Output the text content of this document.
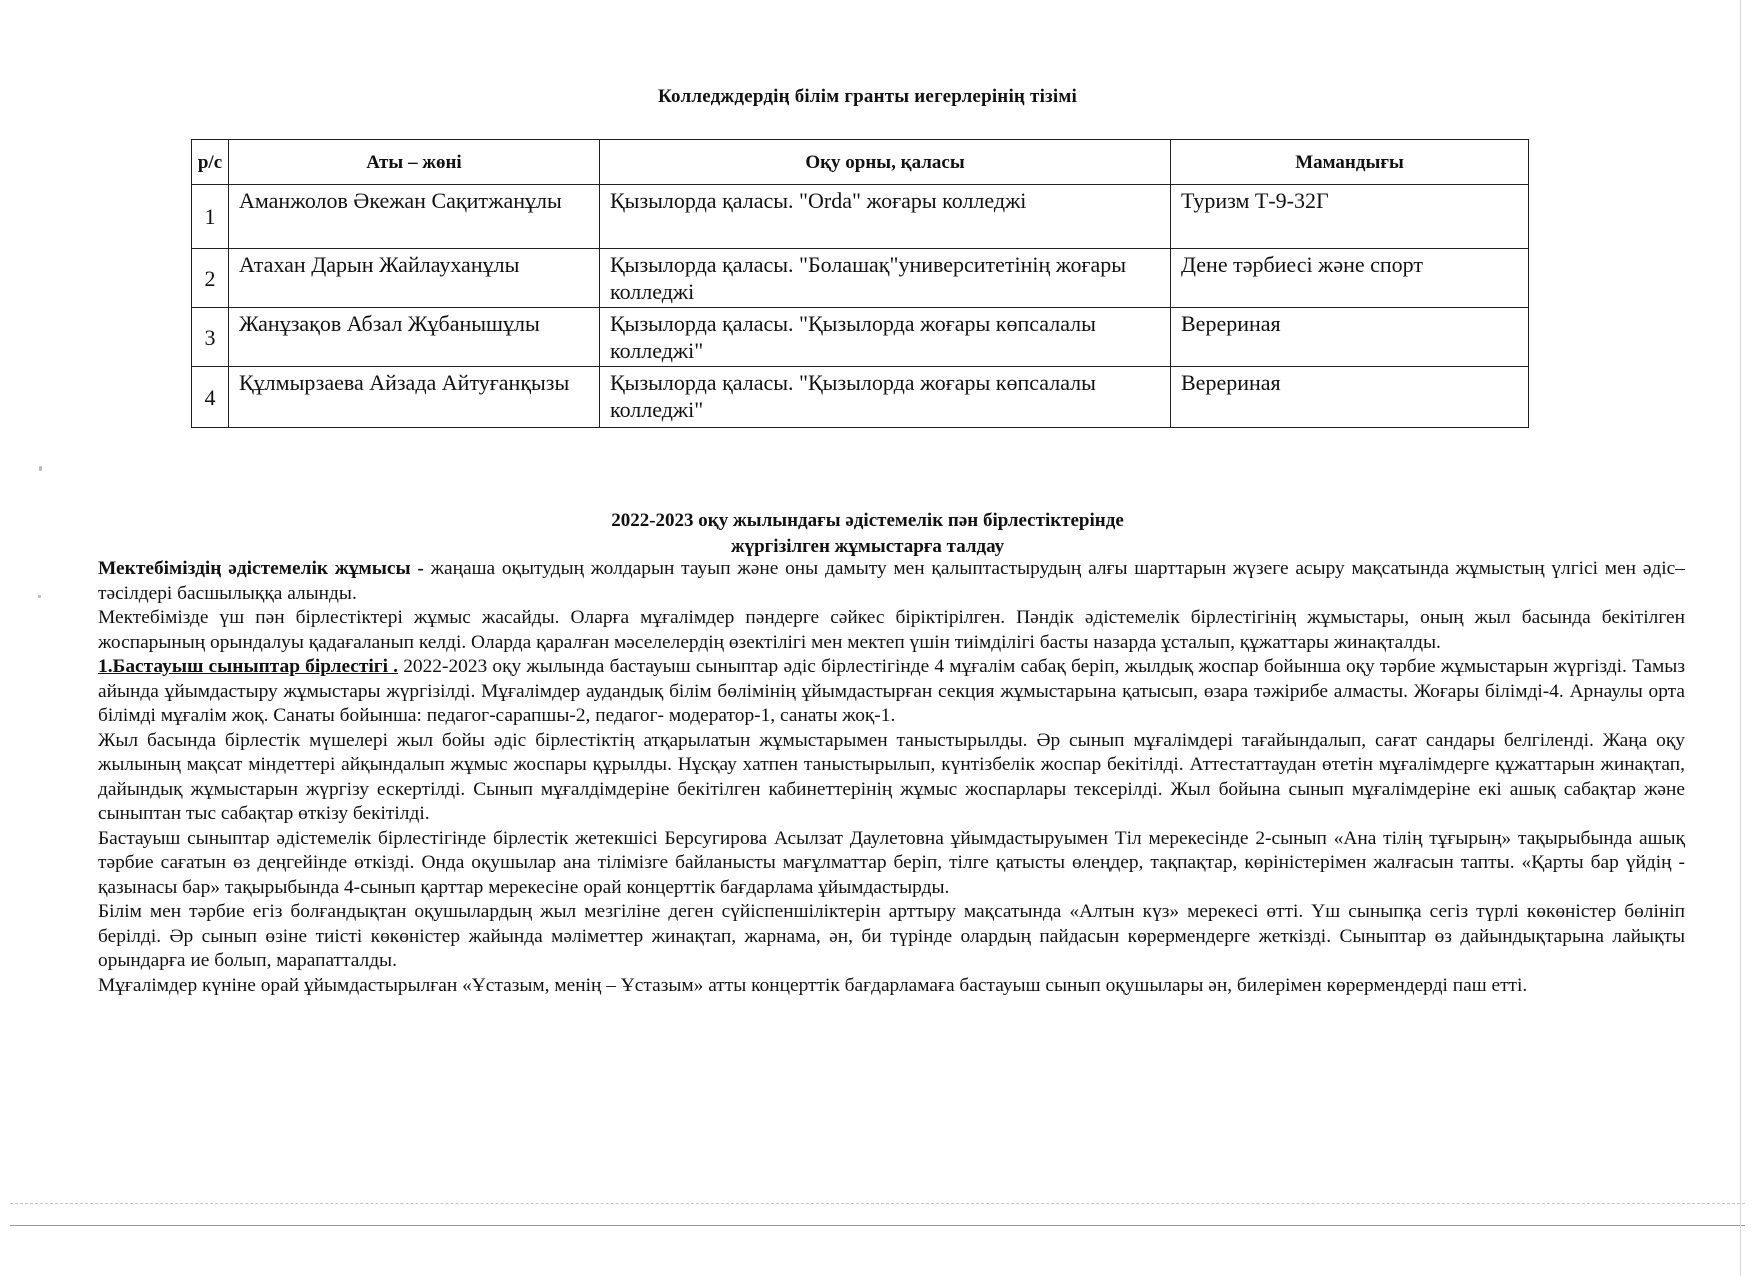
Колледждердің білім гранты иегерлерінің тізімі
р/с	Аты – жөні	Оқу орны, қаласы	Мамандығы
1	Аманжолов Әкежан Сақитжанұлы	Қызылорда қаласы. "Orda" жоғары колледжі	Туризм Т-9-32Г
2	Атахан Дарын Жайлауханұлы	Қызылорда қаласы. "Болашақ"университетінің жоғары колледжі	Дене тәрбиесі және спорт
3	Жанұзақов Абзал Жұбанышұлы	Қызылорда қаласы. "Қызылорда жоғары көпсалалы колледжі"	Верериная
4	Құлмырзаева Айзада Айтуғанқызы	Қызылорда қаласы. "Қызылорда жоғары көпсалалы колледжі"	Верериная
2022-2023 оқу жылындағы әдістемелік пән бірлестіктерінде
жүргізілген жұмыстарға талдау

Мектебіміздің әдістемелік жұмысы - жаңаша оқытудың жолдарын тауып және оны дамыту мен қалыптастырудың алғы шарттарын жүзеге асыру мақсатында жұмыстың үлгісі мен әдіс–тәсілдері басшылыққа алынды.

Мектебімізде үш пән бірлестіктері жұмыс жасайды. Оларға мұғалімдер пәндерге сәйкес біріктірілген. Пәндік әдістемелік бірлестігінің жұмыстары, оның жыл басында бекітілген жоспарының орындалуы қадағаланып келді. Оларда қаралған мәселелердің өзектілігі мен мектеп үшін тиімділігі басты назарда ұсталып, құжаттары жинақталды.

1.Бастауыш сыныптар бірлестігі . 2022-2023 оқу жылында бастауыш сыныптар әдіс бірлестігінде 4 мұғалім сабақ беріп, жылдық жоспар бойынша оқу тәрбие жұмыстарын жүргізді. Тамыз айында ұйымдастыру жұмыстары жүргізілді. Мұғалімдер аудандық білім бөлімінің ұйымдастырған секция жұмыстарына қатысып, өзара тәжірибе алмасты. Жоғары білімді-4. Арнаулы орта білімді мұғалім жоқ. Санаты бойынша: педагог-сарапшы-2, педагог- модератор-1, санаты жоқ-1.

Жыл басында бірлестік мүшелері жыл бойы әдіс бірлестіктің атқарылатын жұмыстарымен таныстырылды. Әр сынып мұғалімдері тағайындалып, сағат сандары белгіленді. Жаңа оқу жылының мақсат міндеттері айқындалып жұмыс жоспары құрылды. Нұсқау хатпен таныстырылып, күнтізбелік жоспар бекітілді. Аттестаттаудан өтетін мұғалімдерге құжаттарын жинақтап, дайындық жұмыстарын жүргізу ескертілді. Сынып мұғалдімдеріне бекітілген кабинеттерінің жұмыс жоспарлары тексерілді. Жыл бойына сынып мұғалімдеріне екі ашық сабақтар және сыныптан тыс сабақтар өткізу бекітілді.

Бастауыш сыныптар әдістемелік бірлестігінде бірлестік жетекшісі Берсугирова Асылзат Даулетовна ұйымдастыруымен Тіл мерекесінде 2-сынып «Ана тілің тұғырың» тақырыбында ашық тәрбие сағатын өз деңгейінде өткізді. Онда оқушылар ана тілімізге байланысты мағұлматтар беріп, тілге қатысты өлеңдер, тақпақтар, көріністерімен жалғасын тапты. «Қарты бар үйдің - қазынасы бар» тақырыбында 4-сынып қарттар мерекесіне орай концерттік бағдарлама ұйымдастырды.

Білім мен тәрбие егіз болғандықтан оқушылардың жыл мезгіліне деген сүйіспеншіліктерін арттыру мақсатында «Алтын күз» мерекесі өтті. Үш сыныпқа сегіз түрлі көкөністер бөлініп берілді. Әр сынып өзіне тиісті көкөністер жайында мәліметтер жинақтап, жарнама, ән, би түрінде олардың пайдасын көрермендерге жеткізді. Сыныптар өз дайындықтарына лайықты орындарға ие болып, марапатталды.

Мұғалімдер күніне орай ұйымдастырылған «Ұстазым, менің – Ұстазым» атты концерттік бағдарламаға бастауыш сынып оқушылары ән, билерімен көрермендерді паш етті.
